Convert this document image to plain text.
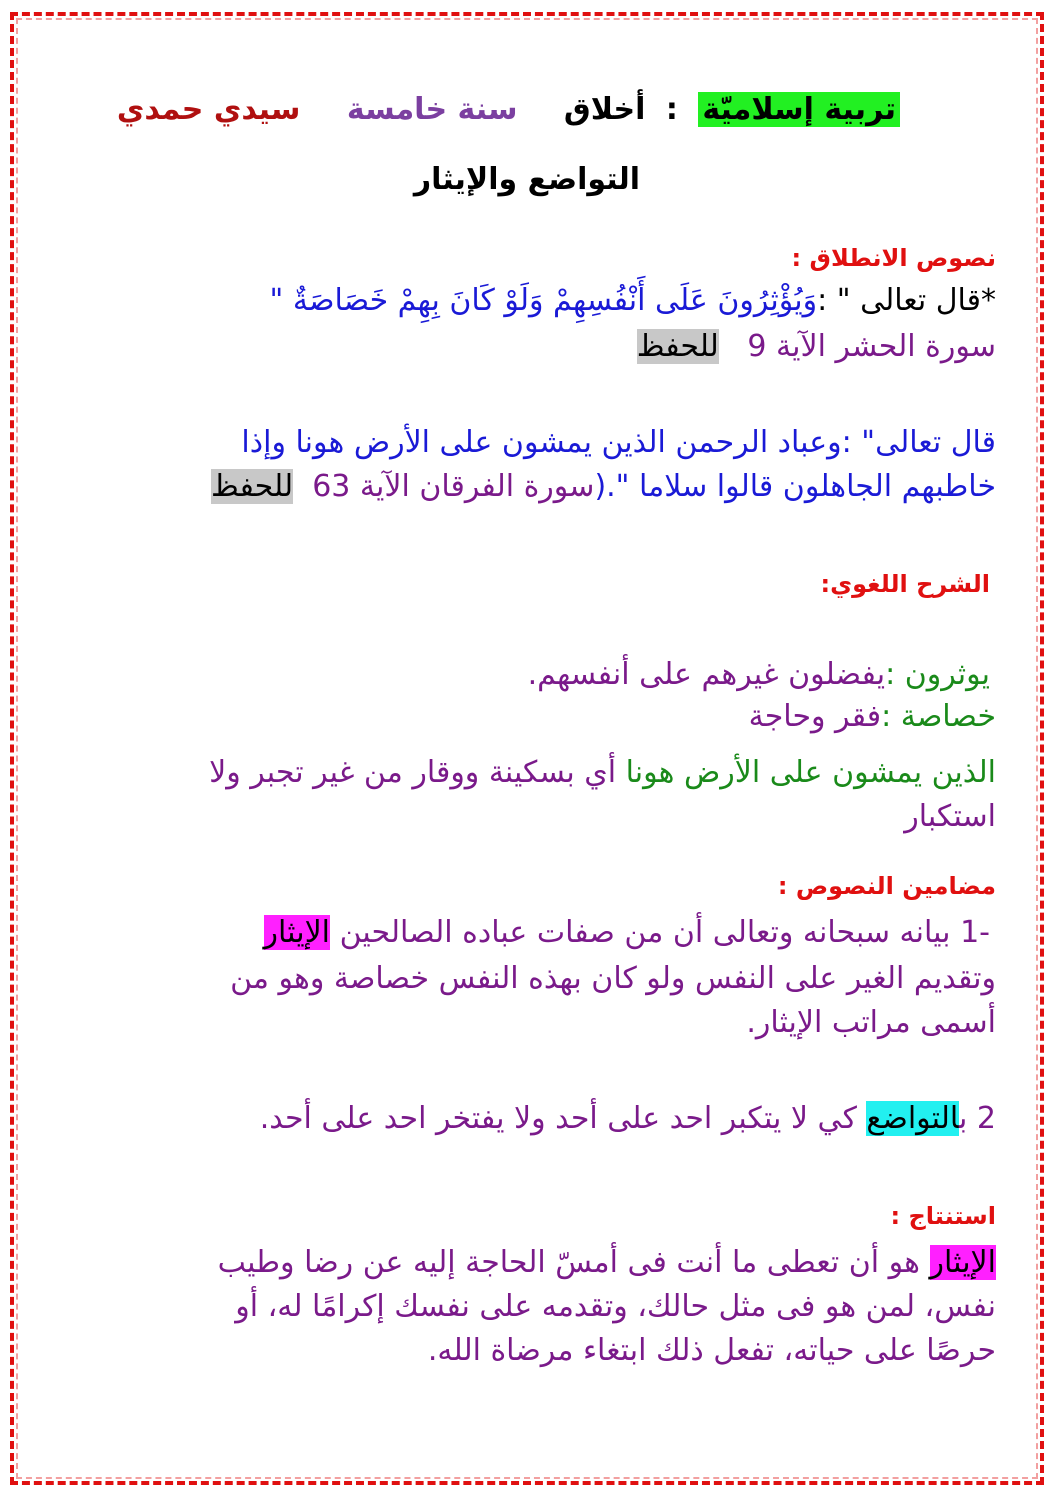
تربية إسلاميّة : أخلاق سنة خامسة سيدي حمدي
التواضع والإيثار
نصوص الانطلاق :
*قال تعالى " :وَيُؤْثِرُونَ عَلَى أَنْفُسِهِمْ وَلَوْ كَانَ بِهِمْ خَصَاصَةٌ "
سورة الحشر الآية 9   للحفظ
قال تعالى" :وعباد الرحمن الذين يمشون على الأرض هونا وإذا
خاطبهم الجاهلون قالوا سلاما ".(سورة الفرقان الآية 63  للحفظ
الشرح اللغوي:
يوثرون :يفضلون غيرهم على أنفسهم.
خصاصة :فقر وحاجة
الذين يمشون على الأرض هونا أي بسكينة ووقار من غير تجبر ولا
استكبار
مضامين النصوص :
-1 بيانه سبحانه وتعالى أن من صفات عباده الصالحين الإيثار
وتقديم الغير على النفس ولو كان بهذه النفس خصاصة وهو من
أسمى مراتب الإيثار.
2 بالتواضع كي لا يتكبر احد على أحد ولا يفتخر احد على أحد.
استنتاج :
الإيثار هو أن تعطى ما أنت فى أمسّ الحاجة إليه عن رضا وطيب
نفس، لمن هو فى مثل حالك، وتقدمه على نفسك إكرامًا له، أو
حرصًا على حياته، تفعل ذلك ابتغاء مرضاة الله.
